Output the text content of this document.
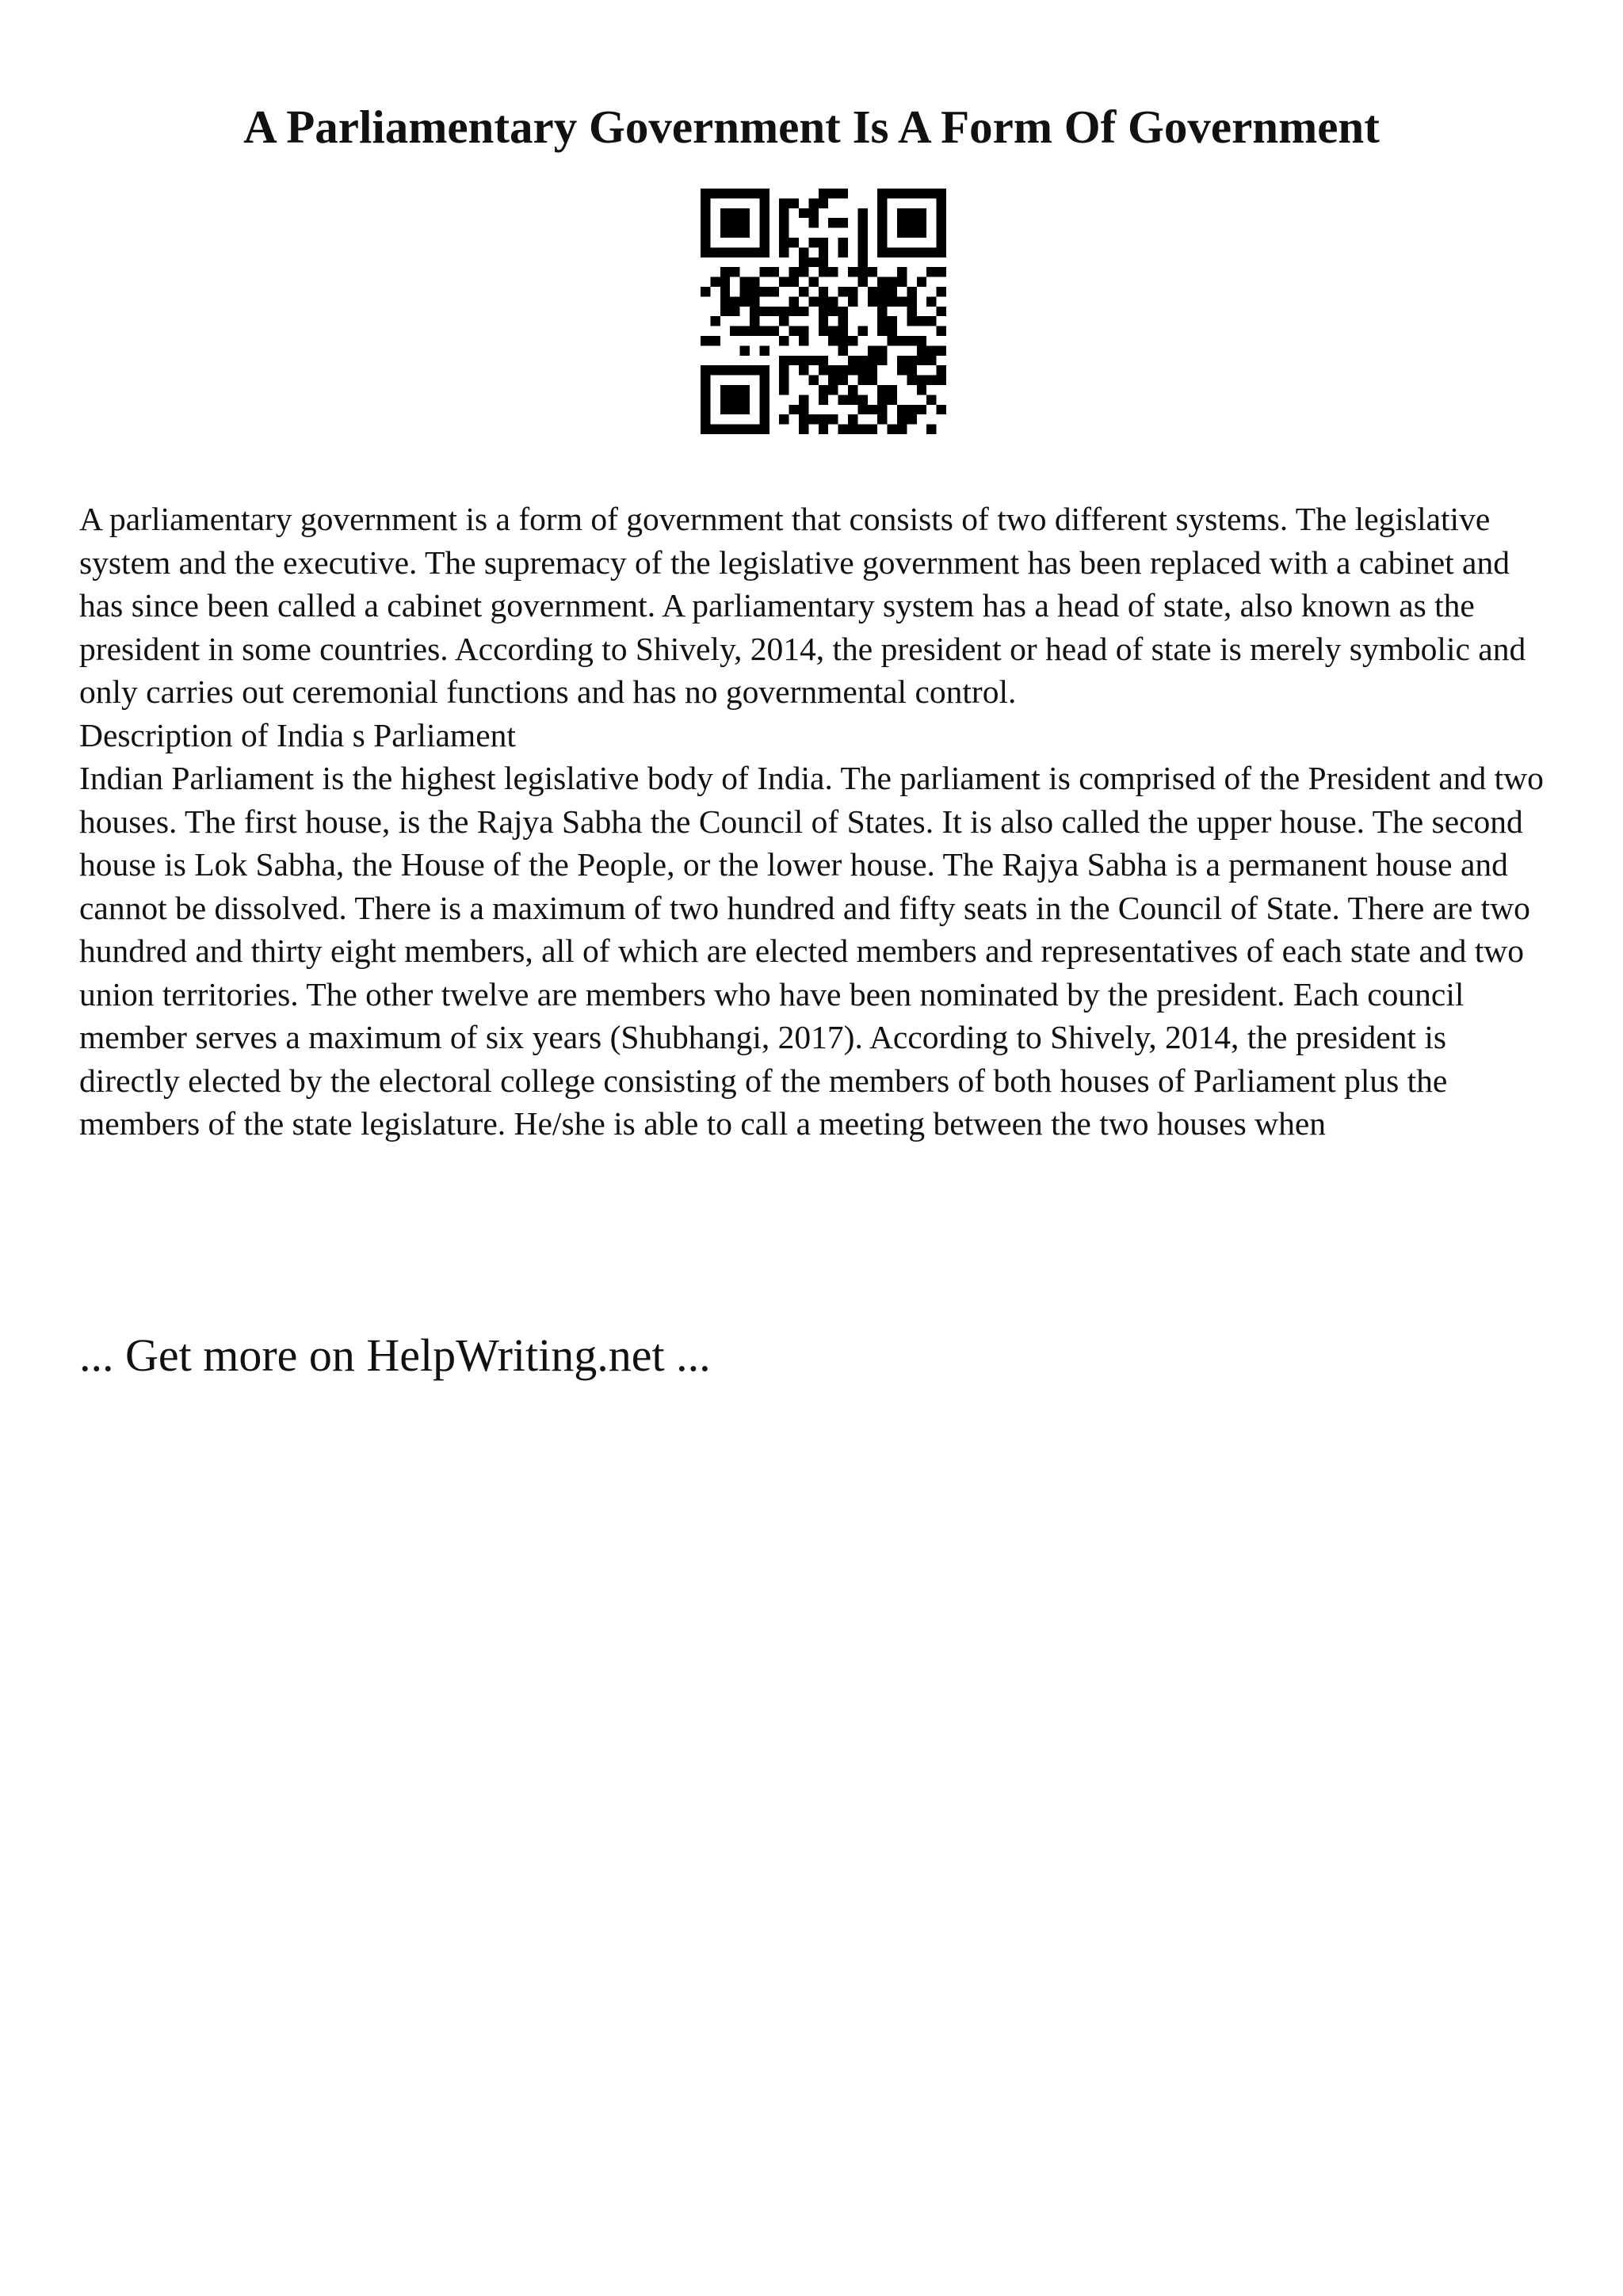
A Parliamentary Government Is A Form Of Government

A parliamentary government is a form of government that consists of two different systems. The legislative system and the executive. The supremacy of the legislative government has been replaced with a cabinet and has since been called a cabinet government. A parliamentary system has a head of state, also known as the president in some countries. According to Shively, 2014, the president or head of state is merely symbolic and only carries out ceremonial functions and has no governmental control.

Description of India s Parliament

Indian Parliament is the highest legislative body of India. The parliament is comprised of the President and two houses. The first house, is the Rajya Sabha the Council of States. It is also called the upper house. The second house is Lok Sabha, the House of the People, or the lower house. The Rajya Sabha is a permanent house and cannot be dissolved. There is a maximum of two hundred and fifty seats in the Council of State. There are two hundred and thirty eight members, all of which are elected members and representatives of each state and two union territories. The other twelve are members who have been nominated by the president. Each council member serves a maximum of six years (Shubhangi, 2017). According to Shively, 2014, the president is directly elected by the electoral college consisting of the members of both houses of Parliament plus the members of the state legislature. He/she is able to call a meeting between the two houses when

... Get more on HelpWriting.net ...
